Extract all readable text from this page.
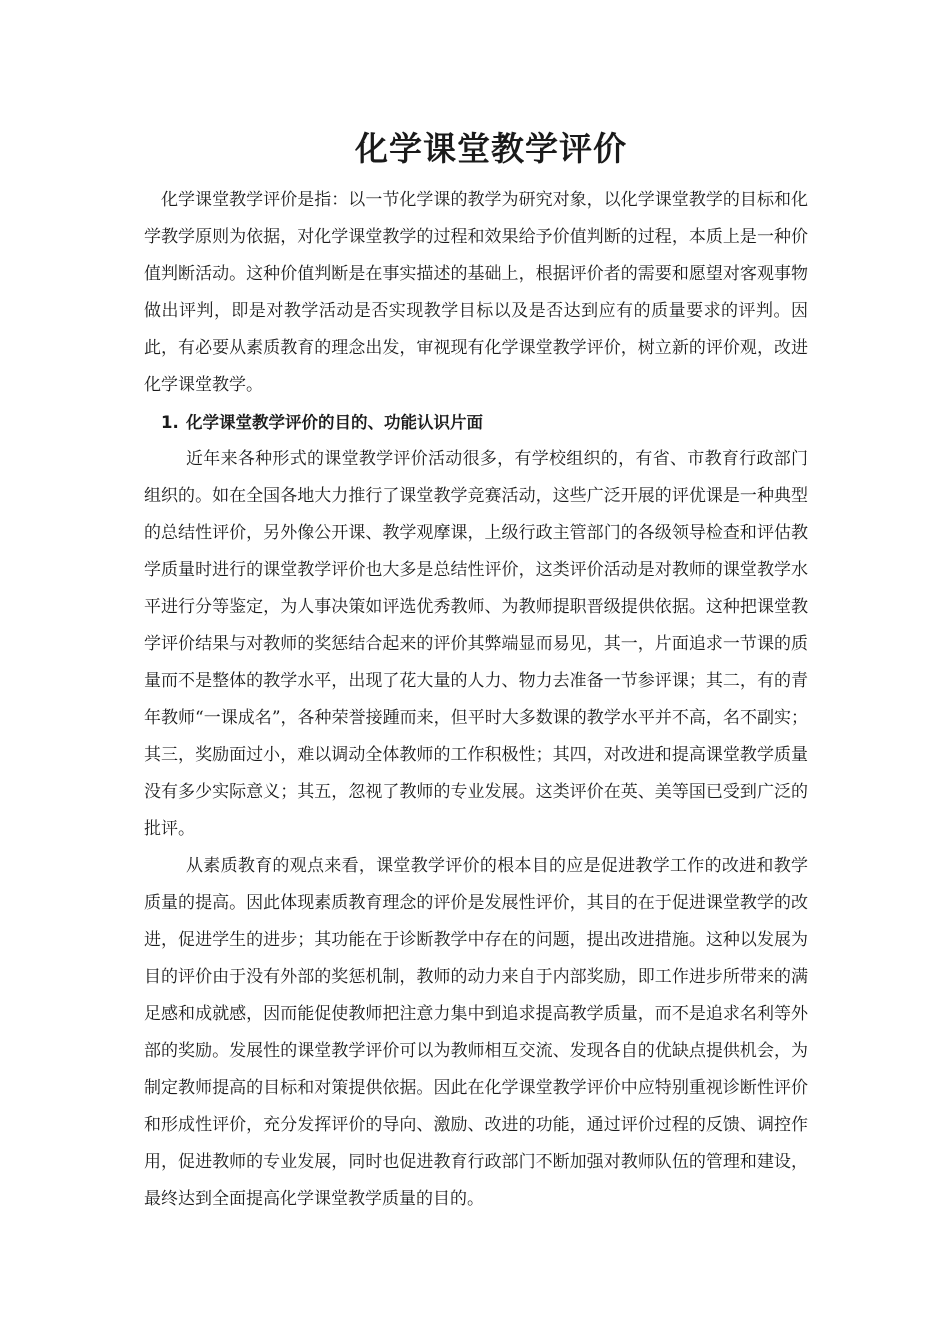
化学课堂教学评价

化学课堂教学评价是指：以一节化学课的教学为研究对象，以化学课堂教学的目标和化学教学原则为依据，对化学课堂教学的过程和效果给予价值判断的过程，本质上是一种价值判断活动。这种价值判断是在事实描述的基础上，根据评价者的需要和愿望对客观事物做出评判，即是对教学活动是否实现教学目标以及是否达到应有的质量要求的评判。因此，有必要从素质教育的理念出发，审视现有化学课堂教学评价，树立新的评价观，改进化学课堂教学。

1. 化学课堂教学评价的目的、功能认识片面

近年来各种形式的课堂教学评价活动很多，有学校组织的，有省、市教育行政部门组织的。如在全国各地大力推行了课堂教学竞赛活动，这些广泛开展的评优课是一种典型的总结性评价，另外像公开课、教学观摩课，上级行政主管部门的各级领导检查和评估教学质量时进行的课堂教学评价也大多是总结性评价，这类评价活动是对教师的课堂教学水平进行分等鉴定，为人事决策如评选优秀教师、为教师提职晋级提供依据。这种把课堂教学评价结果与对教师的奖惩结合起来的评价其弊端显而易见，其一，片面追求一节课的质量而不是整体的教学水平，出现了花大量的人力、物力去准备一节参评课；其二，有的青年教师“一课成名”，各种荣誉接踵而来，但平时大多数课的教学水平并不高，名不副实；其三，奖励面过小，难以调动全体教师的工作积极性；其四，对改进和提高课堂教学质量没有多少实际意义；其五，忽视了教师的专业发展。这类评价在英、美等国已受到广泛的批评。

从素质教育的观点来看，课堂教学评价的根本目的应是促进教学工作的改进和教学质量的提高。因此体现素质教育理念的评价是发展性评价，其目的在于促进课堂教学的改进，促进学生的进步；其功能在于诊断教学中存在的问题，提出改进措施。这种以发展为目的评价由于没有外部的奖惩机制，教师的动力来自于内部奖励，即工作进步所带来的满足感和成就感，因而能促使教师把注意力集中到追求提高教学质量，而不是追求名利等外部的奖励。发展性的课堂教学评价可以为教师相互交流、发现各自的优缺点提供机会，为制定教师提高的目标和对策提供依据。因此在化学课堂教学评价中应特别重视诊断性评价和形成性评价，充分发挥评价的导向、激励、改进的功能，通过评价过程的反馈、调控作用，促进教师的专业发展，同时也促进教育行政部门不断加强对教师队伍的管理和建设，最终达到全面提高化学课堂教学质量的目的。
